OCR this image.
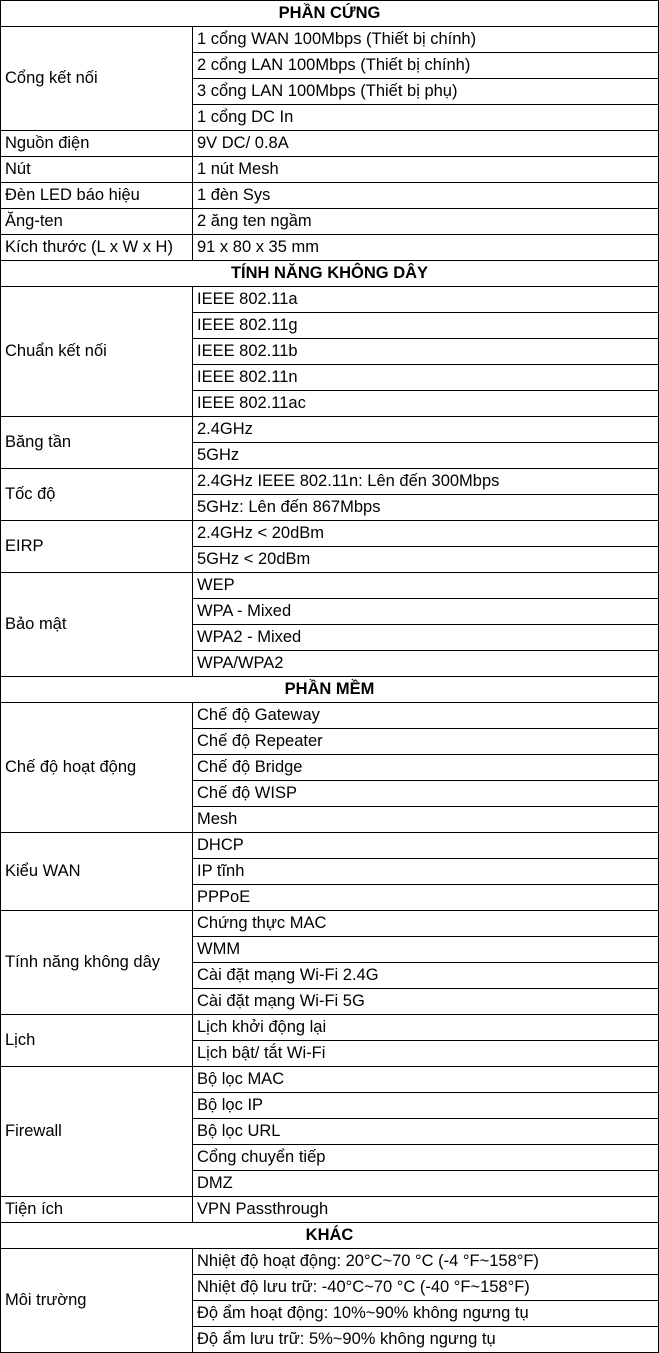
PHẦN CỨNG	
Cổng kết nối	1 cổng WAN 100Mbps (Thiết bị chính)
	2 cổng LAN 100Mbps (Thiết bị chính)
	3 cổng LAN 100Mbps (Thiết bị phụ)
	1 cổng DC In
Nguồn điện	9V DC/ 0.8A
Nút	1 nút Mesh
Đèn LED báo hiệu	1 đèn Sys
Ăng-ten	2 ăng ten ngầm
Kích thước (L x W x H)	91 x 80 x 35 mm
TÍNH NĂNG KHÔNG DÂY	
Chuẩn kết nối	IEEE 802.11a
	IEEE 802.11g
	IEEE 802.11b
	IEEE 802.11n
	IEEE 802.11ac
Băng tần	2.4GHz
	5GHz
Tốc độ	2.4GHz IEEE 802.11n: Lên đến 300Mbps
	5GHz: Lên đến 867Mbps
EIRP	2.4GHz < 20dBm
	5GHz < 20dBm
Bảo mật	WEP
	WPA - Mixed
	WPA2 - Mixed
	WPA/WPA2
PHẦN MỀM	
Chế độ hoạt động	Chế độ Gateway
	Chế độ Repeater
	Chế độ Bridge
	Chế độ WISP
	Mesh
Kiểu WAN	DHCP
	IP tĩnh
	PPPoE
Tính năng không dây	Chứng thực MAC
	WMM
	Cài đặt mạng Wi-Fi 2.4G
	Cài đặt mạng Wi-Fi 5G
Lịch	Lịch khởi động lại
	Lịch bật/ tắt Wi-Fi
Firewall	Bộ lọc MAC
	Bộ lọc IP
	Bộ lọc URL
	Cổng chuyển tiếp
	DMZ
Tiện ích	VPN Passthrough
KHÁC	
Môi trường	Nhiệt độ hoạt động: 20°C~70 °C (-4 °F~158°F)
	Nhiệt độ lưu trữ: -40°C~70 °C (-40 °F~158°F)
	Độ ẩm hoạt động: 10%~90% không ngưng tụ
	Độ ẩm lưu trữ: 5%~90% không ngưng tụ
